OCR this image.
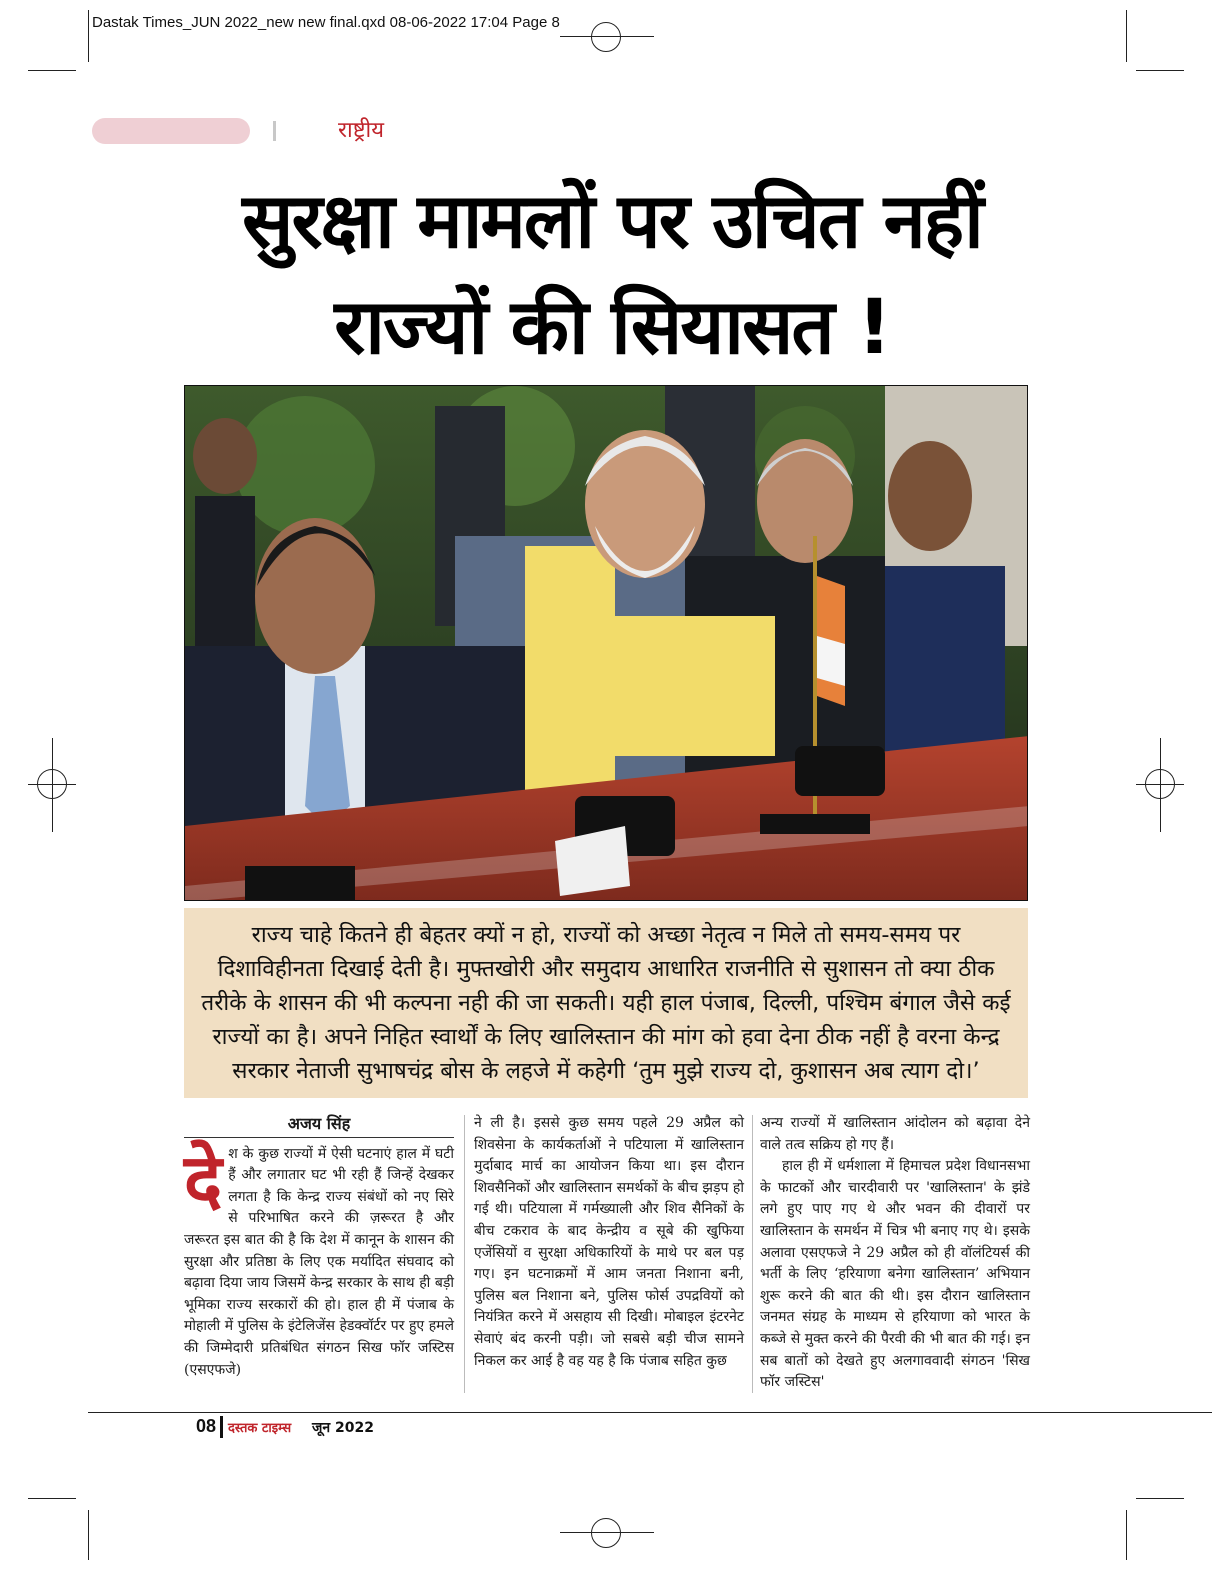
Dastak Times_JUN 2022_new new final.qxd 08-06-2022 17:04 Page 8
राष्ट्रीय
सुरक्षा मामलों पर उचित नहीं
राज्यों की सियासत !

राज्य चाहे कितने ही बेहतर क्यों न हो, राज्यों को अच्छा नेतृत्व न मिले तो समय-समय पर दिशाविहीनता दिखाई देती है। मुफ्तखोरी और समुदाय आधारित राजनीति से सुशासन तो क्या ठीक तरीके के शासन की भी कल्पना नही की जा सकती। यही हाल पंजाब, दिल्ली, पश्चिम बंगाल जैसे कई राज्यों का है। अपने निहित स्वार्थों के लिए खालिस्तान की मांग को हवा देना ठीक नहीं है वरना केन्द्र सरकार नेताजी सुभाषचंद्र बोस के लहजे में कहेगी ‘तुम मुझे राज्य दो, कुशासन अब त्याग दो।’

अजय सिंह
दे श के कुछ राज्यों में ऐसी घटनाएं हाल में घटी हैं और लगातार घट भी रही हैं जिन्हें देखकर लगता है कि केन्द्र राज्य संबंधों को नए सिरे से परिभाषित करने की ज़रूरत है और जरूरत इस बात की है कि देश में कानून के शासन की सुरक्षा और प्रतिष्ठा के लिए एक मर्यादित संघवाद को बढ़ावा दिया जाय जिसमें केन्द्र सरकार के साथ ही बड़ी भूमिका राज्य सरकारों की हो। हाल ही में पंजाब के मोहाली में पुलिस के इंटेलिजेंस हेडक्वॉर्टर पर हुए हमले की जिम्मेदारी प्रतिबंधित संगठन सिख फॉर जस्टिस (एसएफजे)

ने ली है। इससे कुछ समय पहले 29 अप्रैल को शिवसेना के कार्यकर्ताओं ने पटियाला में खालिस्तान मुर्दाबाद मार्च का आयोजन किया था। इस दौरान शिवसैनिकों और खालिस्तान समर्थकों के बीच झड़प हो गई थी। पटियाला में गर्मख्याली और शिव सैनिकों के बीच टकराव के बाद केन्द्रीय व सूबे की खुफिया एजेंसियों व सुरक्षा अधिकारियों के माथे पर बल पड़ गए। इन घटनाक्रमों में आम जनता निशाना बनी, पुलिस बल निशाना बने, पुलिस फोर्स उपद्रवियों को नियंत्रित करने में असहाय सी दिखी। मोबाइल इंटरनेट सेवाएं बंद करनी पड़ी। जो सबसे बड़ी चीज सामने निकल कर आई है वह यह है कि पंजाब सहित कुछ

अन्य राज्यों में खालिस्तान आंदोलन को बढ़ावा देने वाले तत्व सक्रिय हो गए हैं।

हाल ही में धर्मशाला में हिमाचल प्रदेश विधानसभा के फाटकों और चारदीवारी पर 'खालिस्तान' के झंडे लगे हुए पाए गए थे और भवन की दीवारों पर खालिस्तान के समर्थन में चित्र भी बनाए गए थे। इसके अलावा एसएफजे ने 29 अप्रैल को ही वॉलंटियर्स की भर्ती के लिए ‘हरियाणा बनेगा खालिस्तान’ अभियान शुरू करने की बात की थी। इस दौरान खालिस्तान जनमत संग्रह के माध्यम से हरियाणा को भारत के कब्जे से मुक्त करने की पैरवी की भी बात की गई। इन सब बातों को देखते हुए अलगाववादी संगठन 'सिख फॉर जस्टिस'

08 दस्तक टाइम्स जून 2022
